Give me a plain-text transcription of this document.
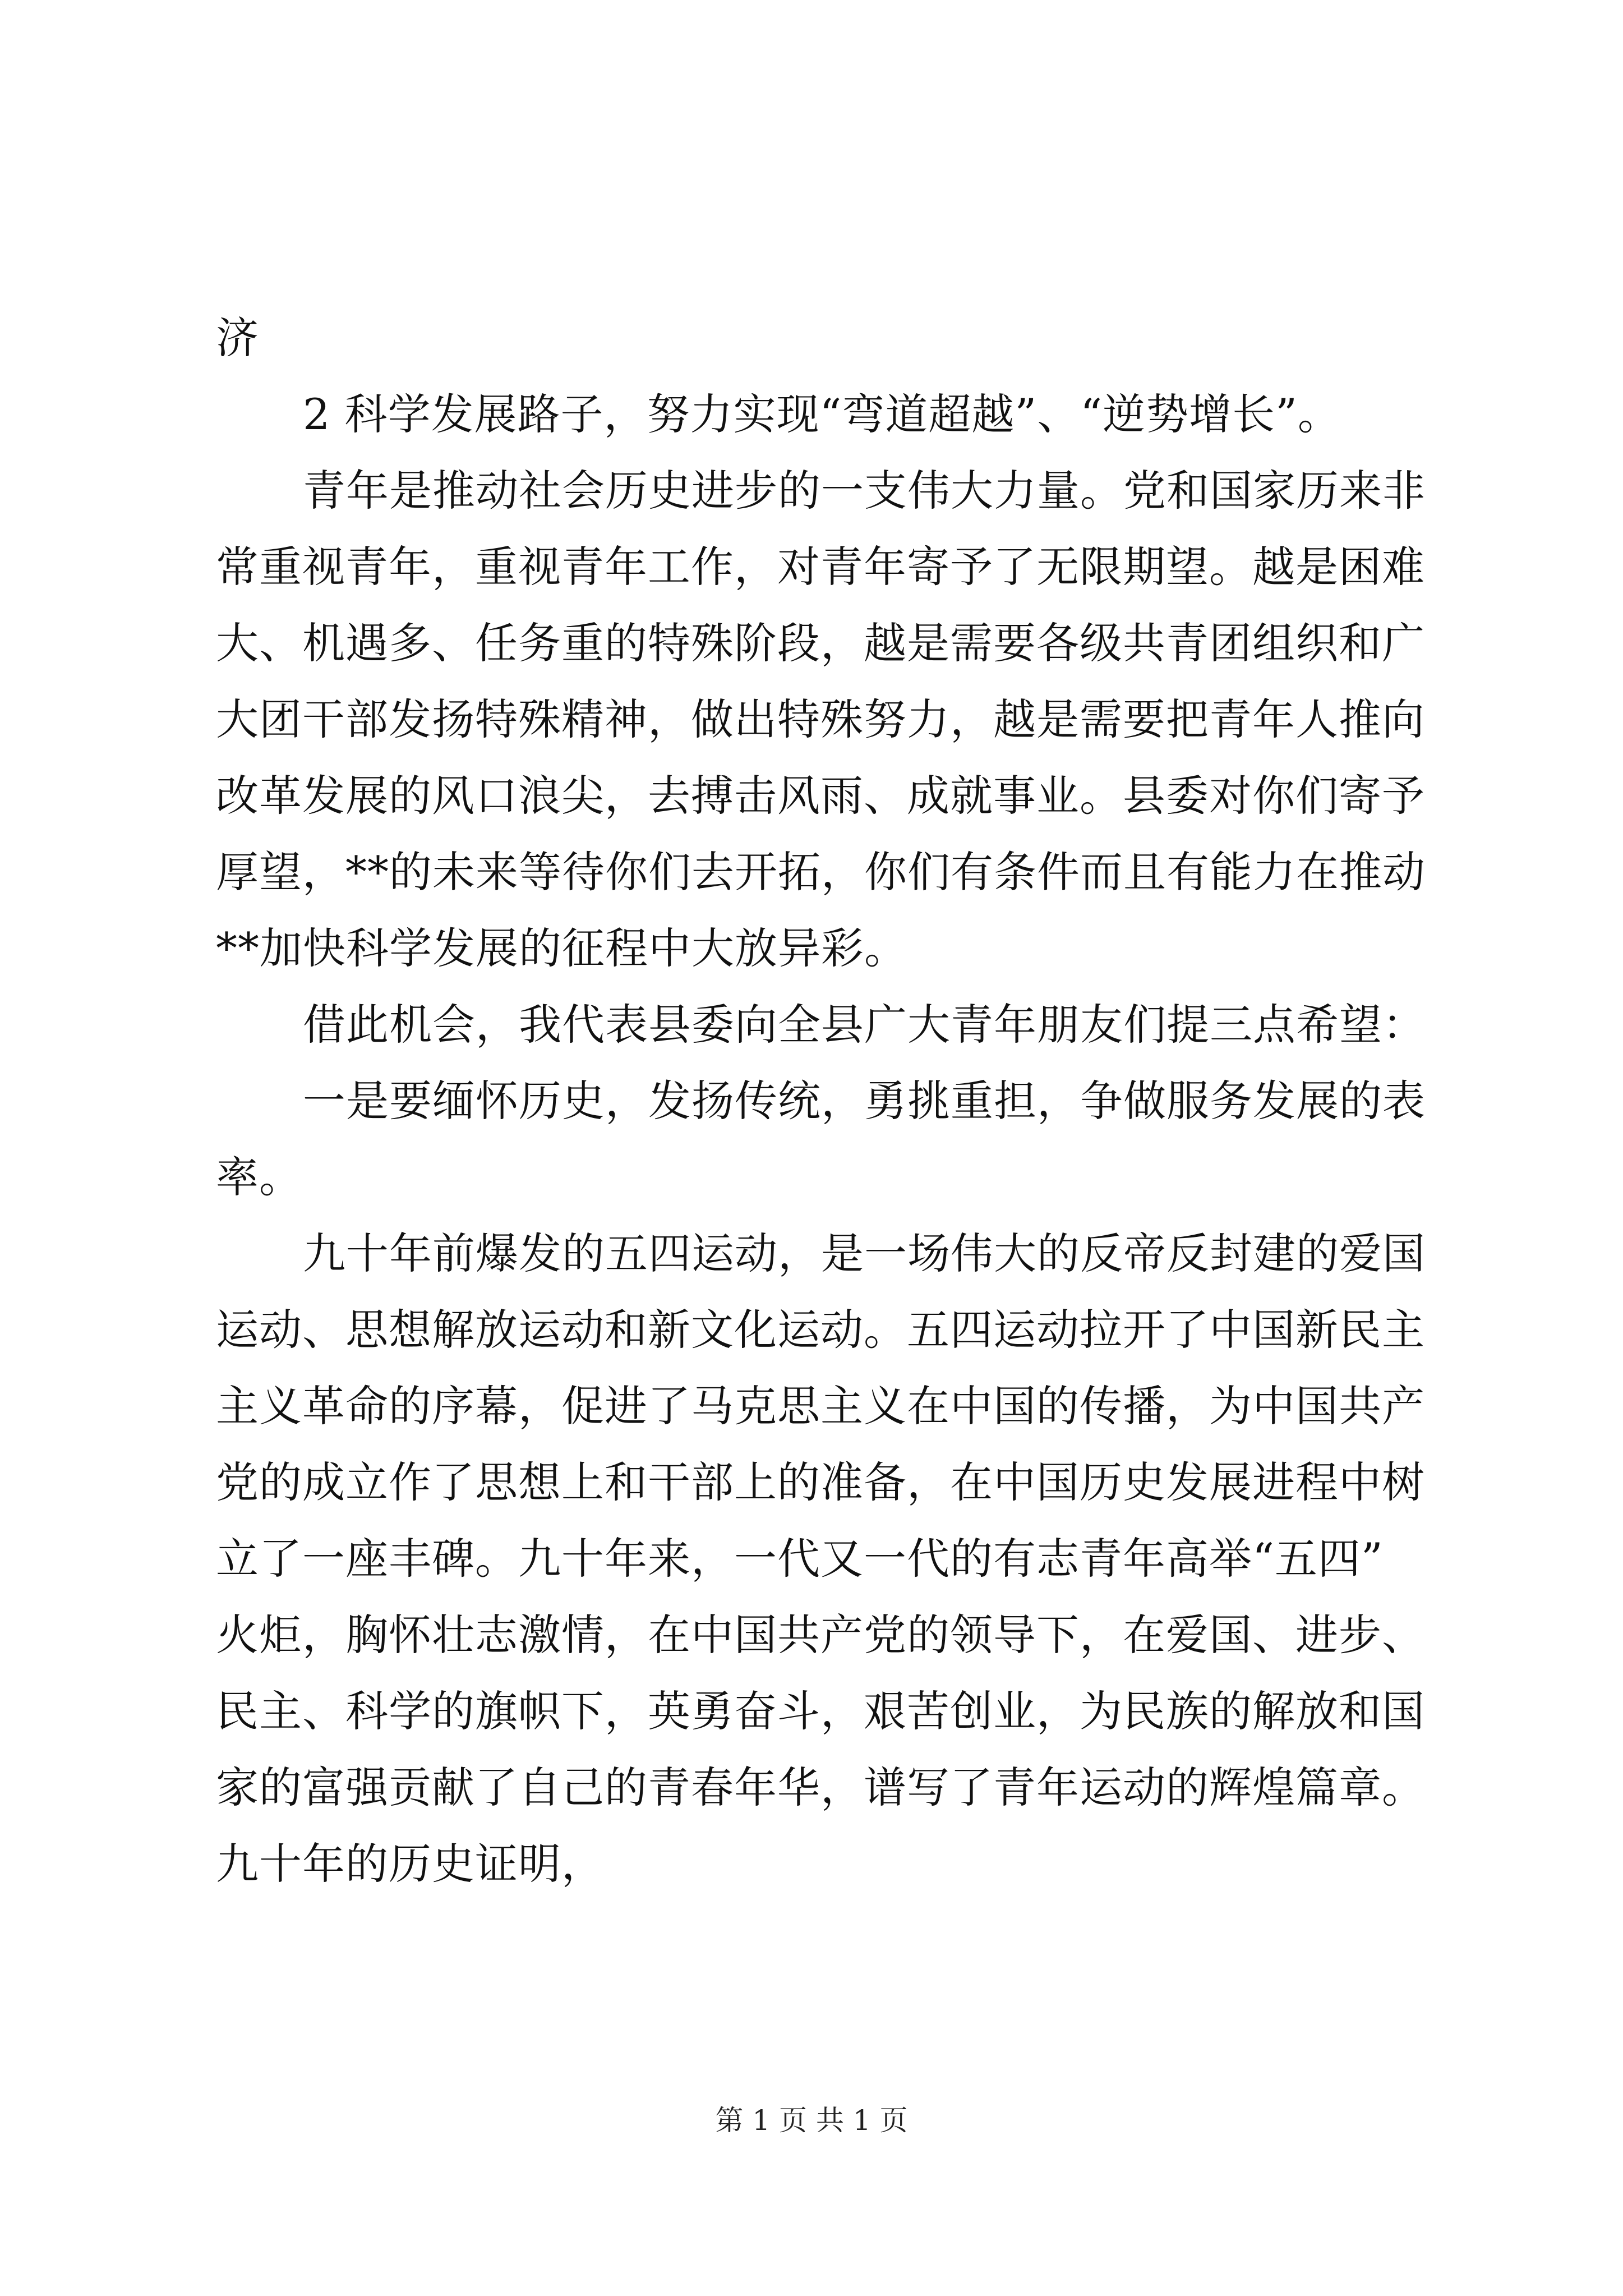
济
2 科学发展路子，努力实现“弯道超越”、“逆势增长”。
青年是推动社会历史进步的一支伟大力量。党和国家历来非
常重视青年，重视青年工作，对青年寄予了无限期望。越是困难
大、机遇多、任务重的特殊阶段，越是需要各级共青团组织和广
大团干部发扬特殊精神，做出特殊努力，越是需要把青年人推向
改革发展的风口浪尖，去搏击风雨、成就事业。县委对你们寄予
厚望，**的未来等待你们去开拓，你们有条件而且有能力在推动
**加快科学发展的征程中大放异彩。
借此机会，我代表县委向全县广大青年朋友们提三点希望：
一是要缅怀历史，发扬传统，勇挑重担，争做服务发展的表
率。
九十年前爆发的五四运动，是一场伟大的反帝反封建的爱国
运动、思想解放运动和新文化运动。五四运动拉开了中国新民主
主义革命的序幕，促进了马克思主义在中国的传播，为中国共产
党的成立作了思想上和干部上的准备，在中国历史发展进程中树
立了一座丰碑。九十年来，一代又一代的有志青年高举“五四”
火炬，胸怀壮志激情，在中国共产党的领导下，在爱国、进步、
民主、科学的旗帜下，英勇奋斗，艰苦创业，为民族的解放和国
家的富强贡献了自己的青春年华，谱写了青年运动的辉煌篇章。
九十年的历史证明，
第 1 页 共 1 页
